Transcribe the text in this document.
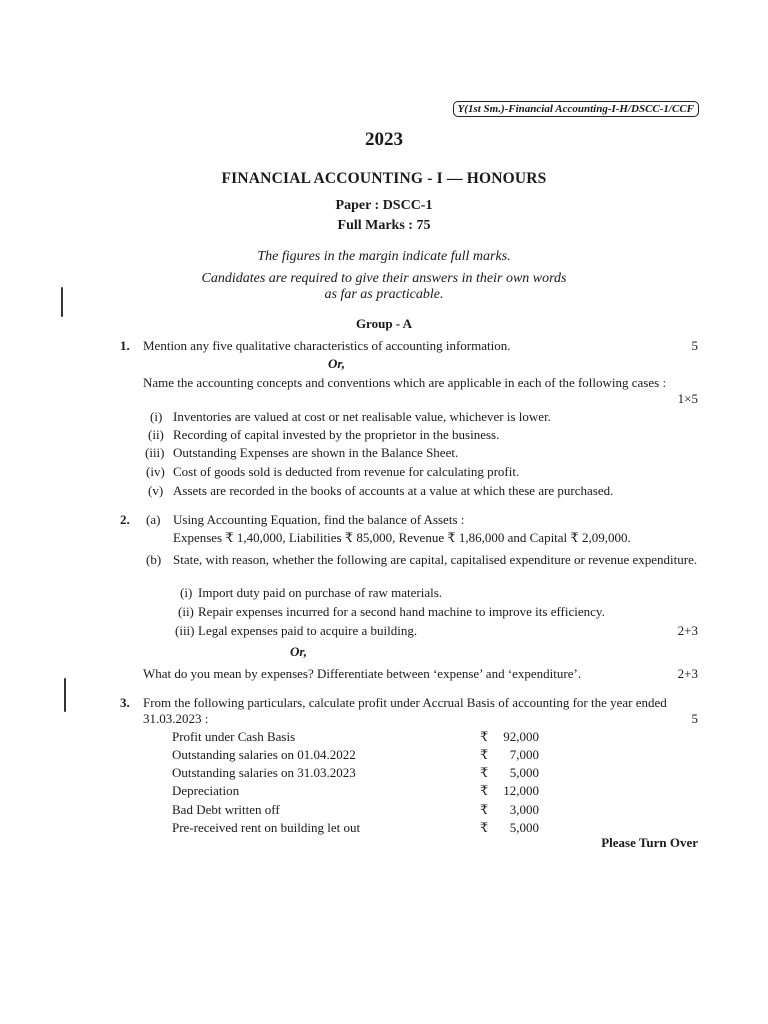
Y(1st Sm.)-Financial Accounting-I-H/DSCC-1/CCF
2023
FINANCIAL ACCOUNTING - I — HONOURS
Paper : DSCC-1
Full Marks : 75
The figures in the margin indicate full marks.
Candidates are required to give their answers in their own words
as far as practicable.
Group - A
1. Mention any five qualitative characteristics of accounting information.	5
Or,
Name the accounting concepts and conventions which are applicable in each of the following cases :
1×5
(i) Inventories are valued at cost or net realisable value, whichever is lower.
(ii) Recording of capital invested by the proprietor in the business.
(iii) Outstanding Expenses are shown in the Balance Sheet.
(iv) Cost of goods sold is deducted from revenue for calculating profit.
(v) Assets are recorded in the books of accounts at a value at which these are purchased.
2. (a) Using Accounting Equation, find the balance of Assets :
Expenses ₹ 1,40,000, Liabilities ₹ 85,000, Revenue ₹ 1,86,000 and Capital ₹ 2,09,000.
(b) State, with reason, whether the following are capital, capitalised expenditure or revenue expenditure.
(i) Import duty paid on purchase of raw materials.
(ii) Repair expenses incurred for a second hand machine to improve its efficiency.
(iii) Legal expenses paid to acquire a building.	2+3
Or,
What do you mean by expenses? Differentiate between ‘expense’ and ‘expenditure’.	2+3
3. From the following particulars, calculate profit under Accrual Basis of accounting for the year ended
31.03.2023 :	5
Profit under Cash Basis	₹	92,000
Outstanding salaries on 01.04.2022	₹	7,000
Outstanding salaries on 31.03.2023	₹	5,000
Depreciation	₹	12,000
Bad Debt written off	₹	3,000
Pre-received rent on building let out	₹	5,000
Please Turn Over
